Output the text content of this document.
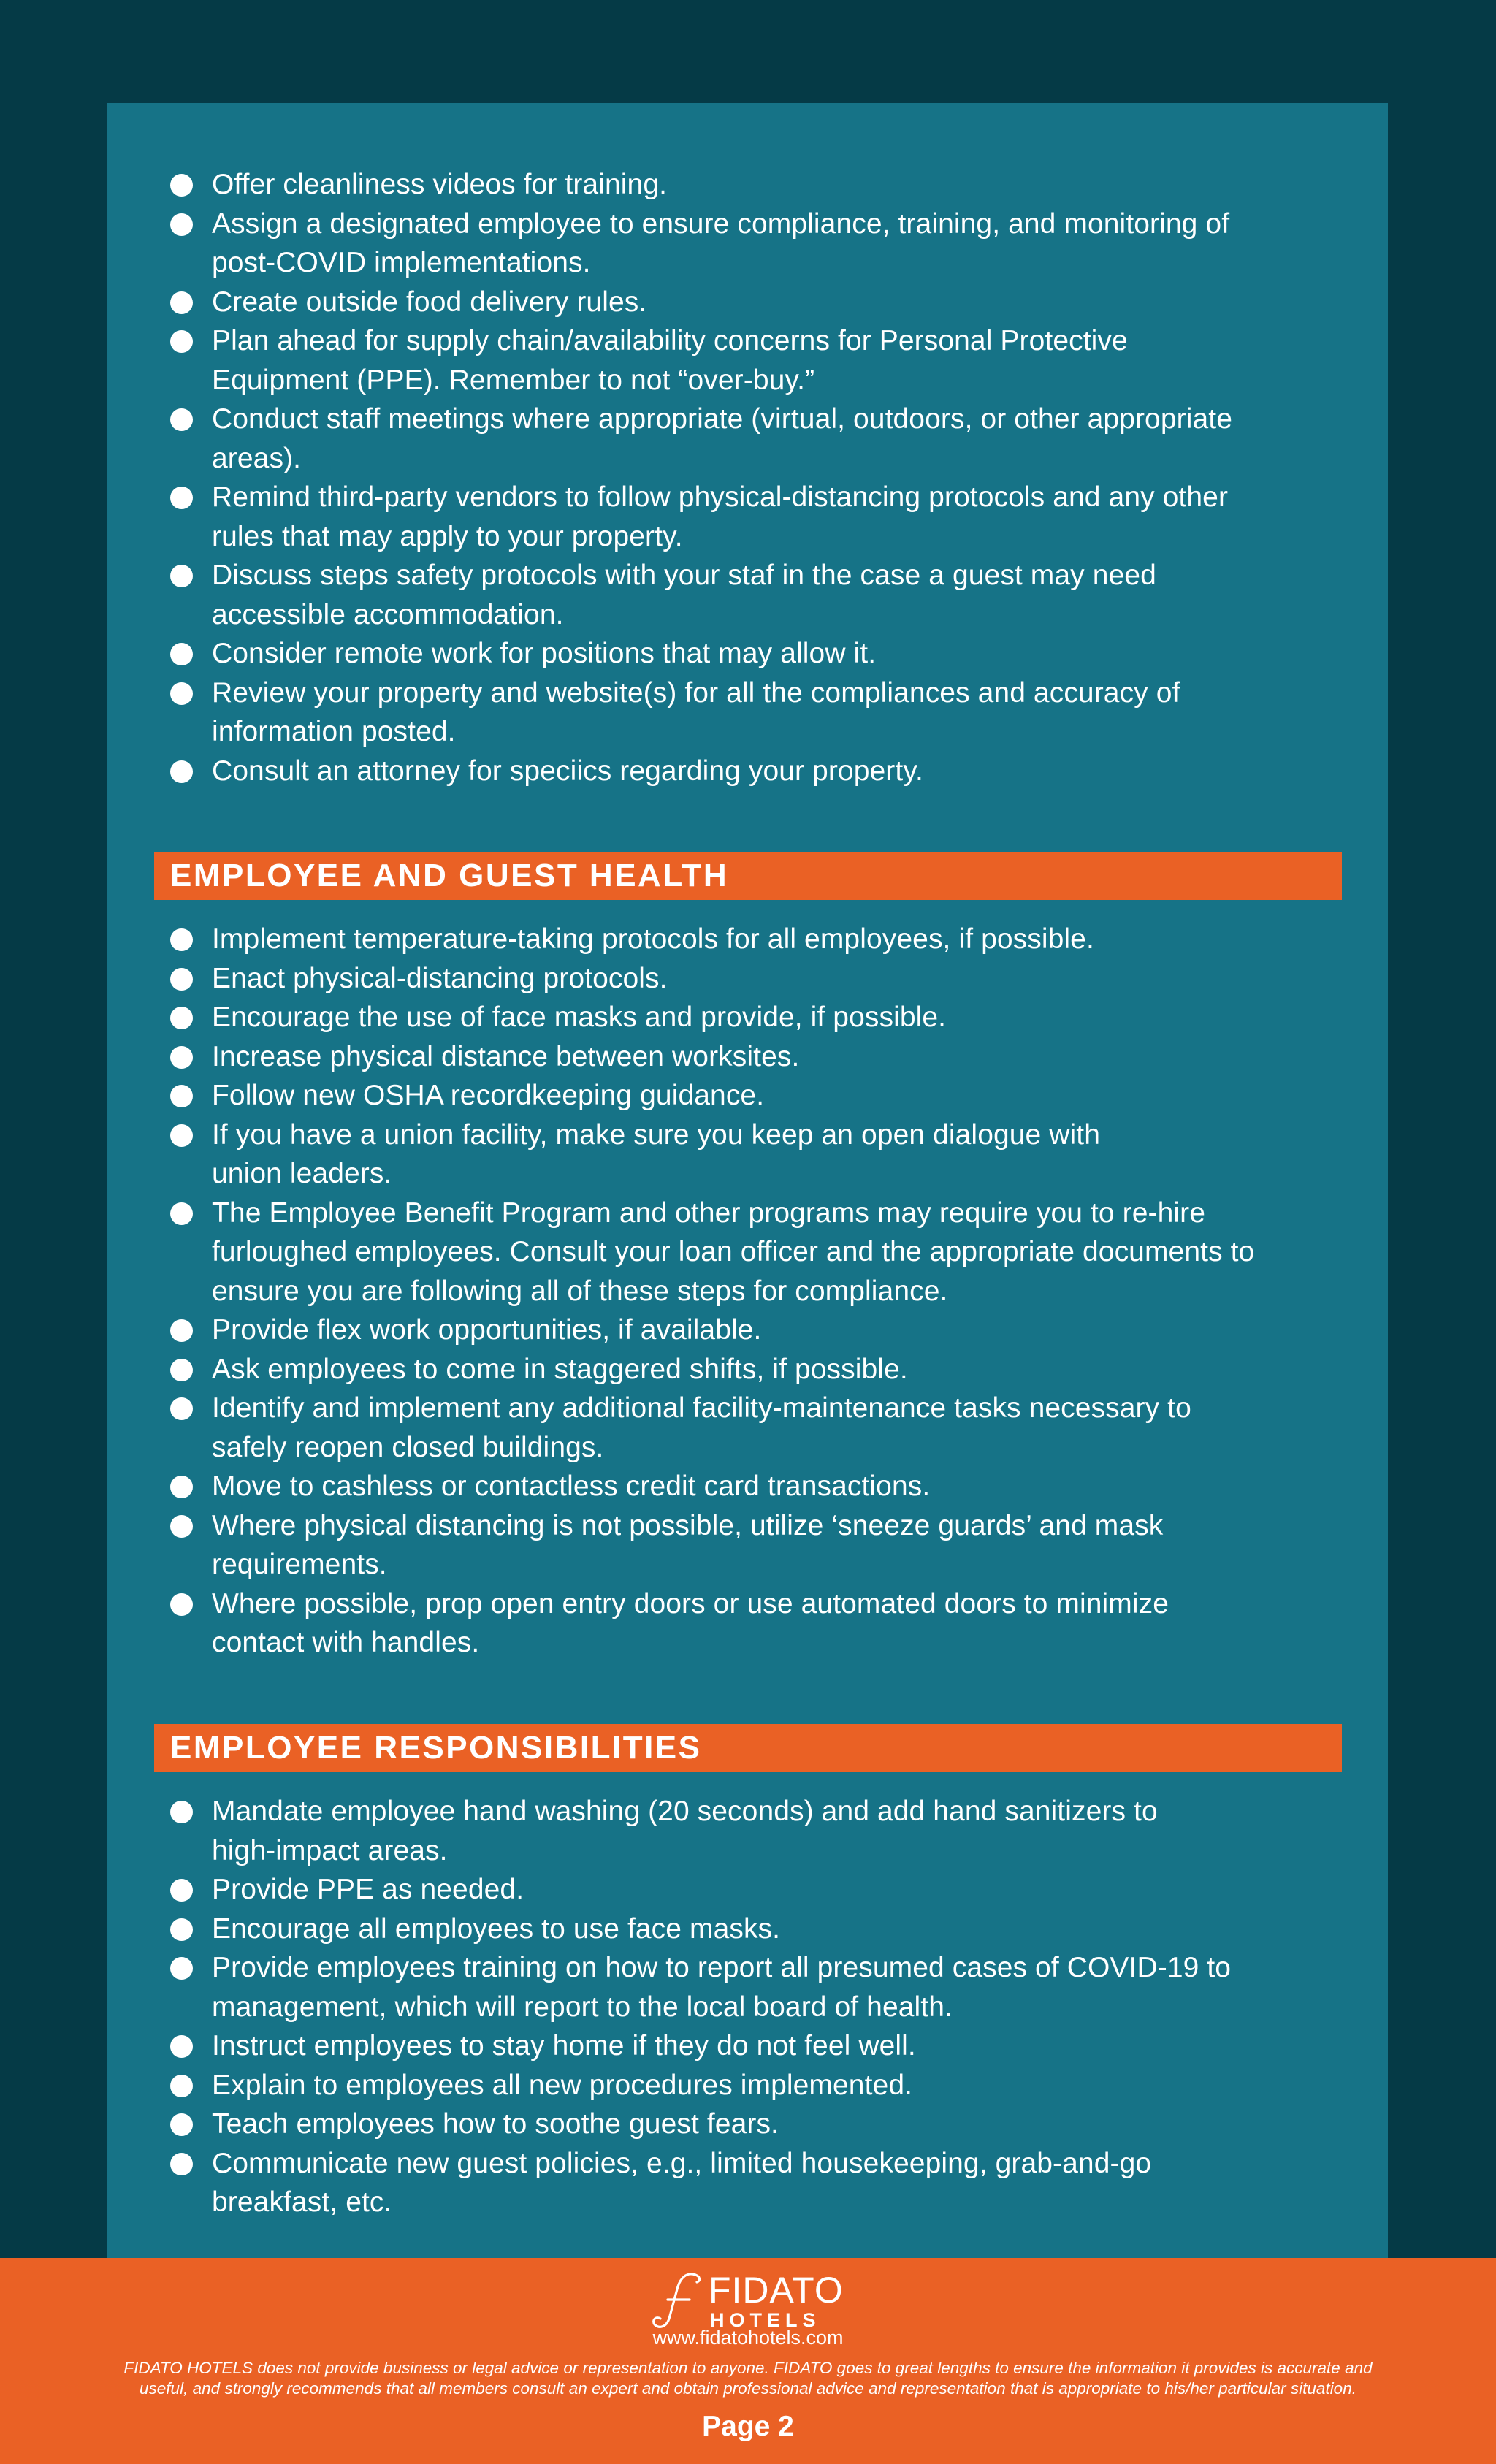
Offer cleanliness videos for training.
Assign a designated employee to ensure compliance, training, and monitoring of
post-COVID implementations.
Create outside food delivery rules.
Plan ahead for supply chain/availability concerns for Personal Protective
Equipment (PPE). Remember to not “over-buy.”
Conduct staff meetings where appropriate (virtual, outdoors, or other appropriate
areas).
Remind third-party vendors to follow physical-distancing protocols and any other
rules that may apply to your property.
Discuss steps safety protocols with your staf in the case a guest may need
accessible accommodation.
Consider remote work for positions that may allow it.
Review your property and website(s) for all the compliances and accuracy of
information posted.
Consult an attorney for speciics regarding your property.
EMPLOYEE AND GUEST HEALTH
Implement temperature-taking protocols for all employees, if possible.
Enact physical-distancing protocols.
Encourage the use of face masks and provide, if possible.
Increase physical distance between worksites.
Follow new OSHA recordkeeping guidance.
If you have a union facility, make sure you keep an open dialogue with
union leaders.
The Employee Benefit Program and other programs may require you to re-hire
furloughed employees. Consult your loan officer and the appropriate documents to
ensure you are following all of these steps for compliance.
Provide flex work opportunities, if available.
Ask employees to come in staggered shifts, if possible.
Identify and implement any additional facility-maintenance tasks necessary to
safely reopen closed buildings.
Move to cashless or contactless credit card transactions.
Where physical distancing is not possible, utilize ‘sneeze guards’ and mask
requirements.
Where possible, prop open entry doors or use automated doors to minimize
contact with handles.
EMPLOYEE RESPONSIBILITIES
Mandate employee hand washing (20 seconds) and add hand sanitizers to
high-impact areas.
Provide PPE as needed.
Encourage all employees to use face masks.
Provide employees training on how to report all presumed cases of COVID-19 to
management, which will report to the local board of health.
Instruct employees to stay home if they do not feel well.
Explain to employees all new procedures implemented.
Teach employees how to soothe guest fears.
Communicate new guest policies, e.g., limited housekeeping, grab-and-go
breakfast, etc.
FIDATO
HOTELS
www.fidatohotels.com
FIDATO HOTELS does not provide business or legal advice or representation to anyone. FIDATO goes to great lengths to ensure the information it provides is accurate and
useful, and strongly recommends that all members consult an expert and obtain professional advice and representation that is appropriate to his/her particular situation.
Page 2
